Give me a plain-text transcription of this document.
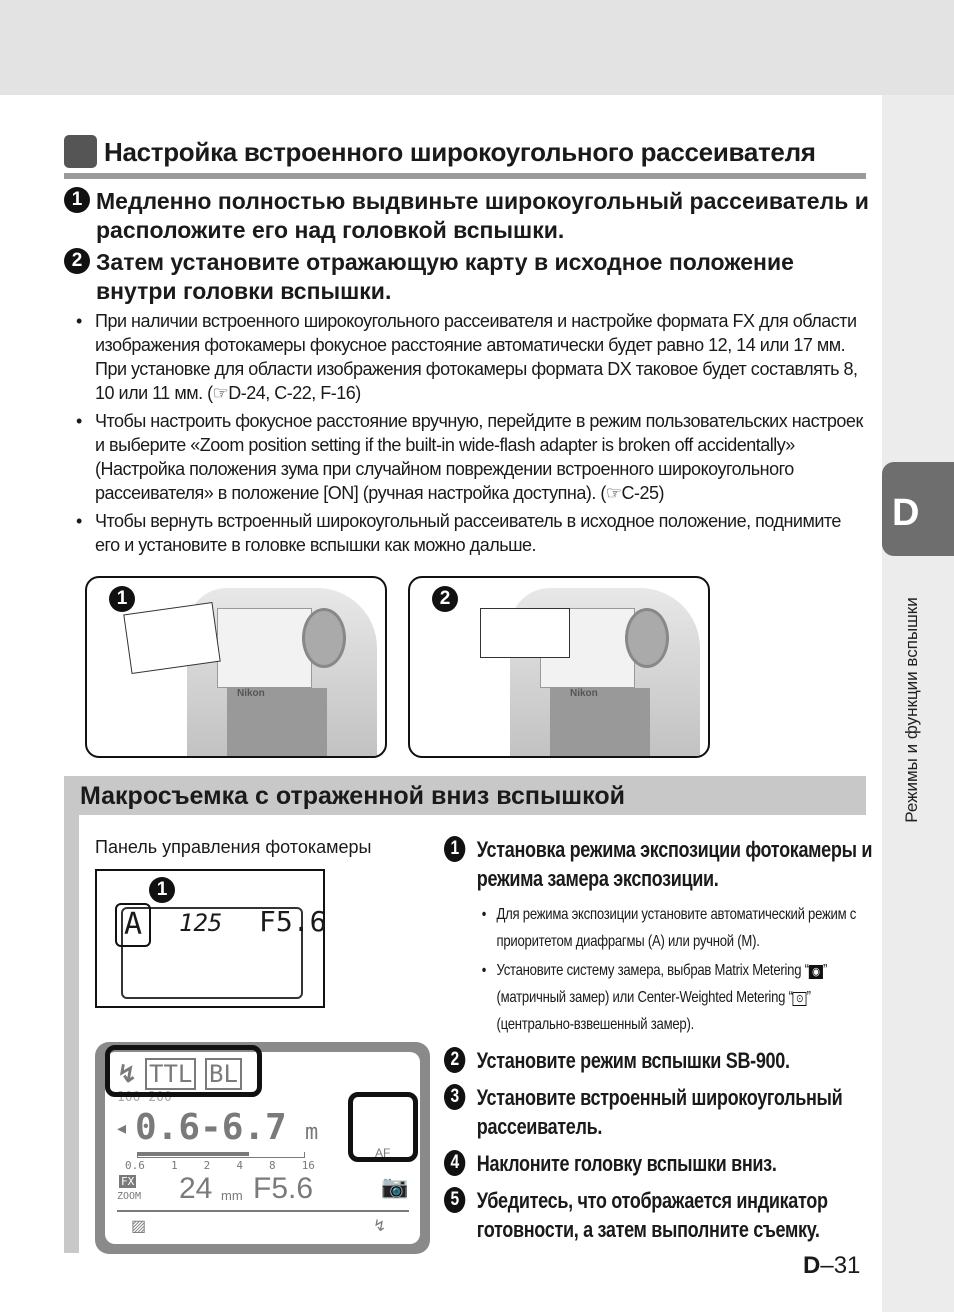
D
Режимы и функции вспышки
Настройка встроенного широкоугольного рассеивателя
1 Медленно полностью выдвиньте широкоугольный рассеиватель и расположите его над головкой вспышки.
2 Затем установите отражающую карту в исходное положение внутри головки вспышки.
• При наличии встроенного широкоугольного рассеивателя и настройке формата FX для области изображения фотокамеры фокусное расстояние автоматически будет равно 12, 14 или 17 мм. При установке для области изображения фотокамеры формата DX таковое будет составлять 8, 10 или 11 мм. (☞D-24, C-22, F-16)
• Чтобы настроить фокусное расстояние вручную, перейдите в режим пользовательских настроек и выберите «Zoom position setting if the built-in wide-flash adapter is broken off accidentally» (Настройка положения зума при случайном повреждении встроенного широкоугольного рассеивателя» в положение [ON] (ручная настройка доступна). (☞C-25)
• Чтобы вернуть встроенный широкоугольный рассеиватель в исходное положение, поднимите его и установите в головке вспышки как можно дальше.
1
Nikon
2
Nikon
Макросъемка с отраженной вниз вспышкой
Панель управления фотокамеры
1
A	125 F5.6
↯ TTL BL
100 200
◂ 0.6-6.7 m
0.6 1 2 4 8 16
FX
ZOOM 24 mm F5.6
▨	↯
AF
📷
1 Установка режима экспозиции фотокамеры и режима замера экспозиции.
• Для режима экспозиции установите автоматический режим с приоритетом диафрагмы (A) или ручной (M).
• Установите систему замера, выбрав Matrix Metering “ ◉ ” (матричный замер) или Center-Weighted Metering “ ⊙ ” (центрально-взвешенный замер).
2 Установите режим вспышки SB-900.
3 Установите встроенный широкоугольный рассеиватель.
4 Наклоните головку вспышки вниз.
5 Убедитесь, что отображается индикатор готовности, а затем выполните съемку.
D–31
